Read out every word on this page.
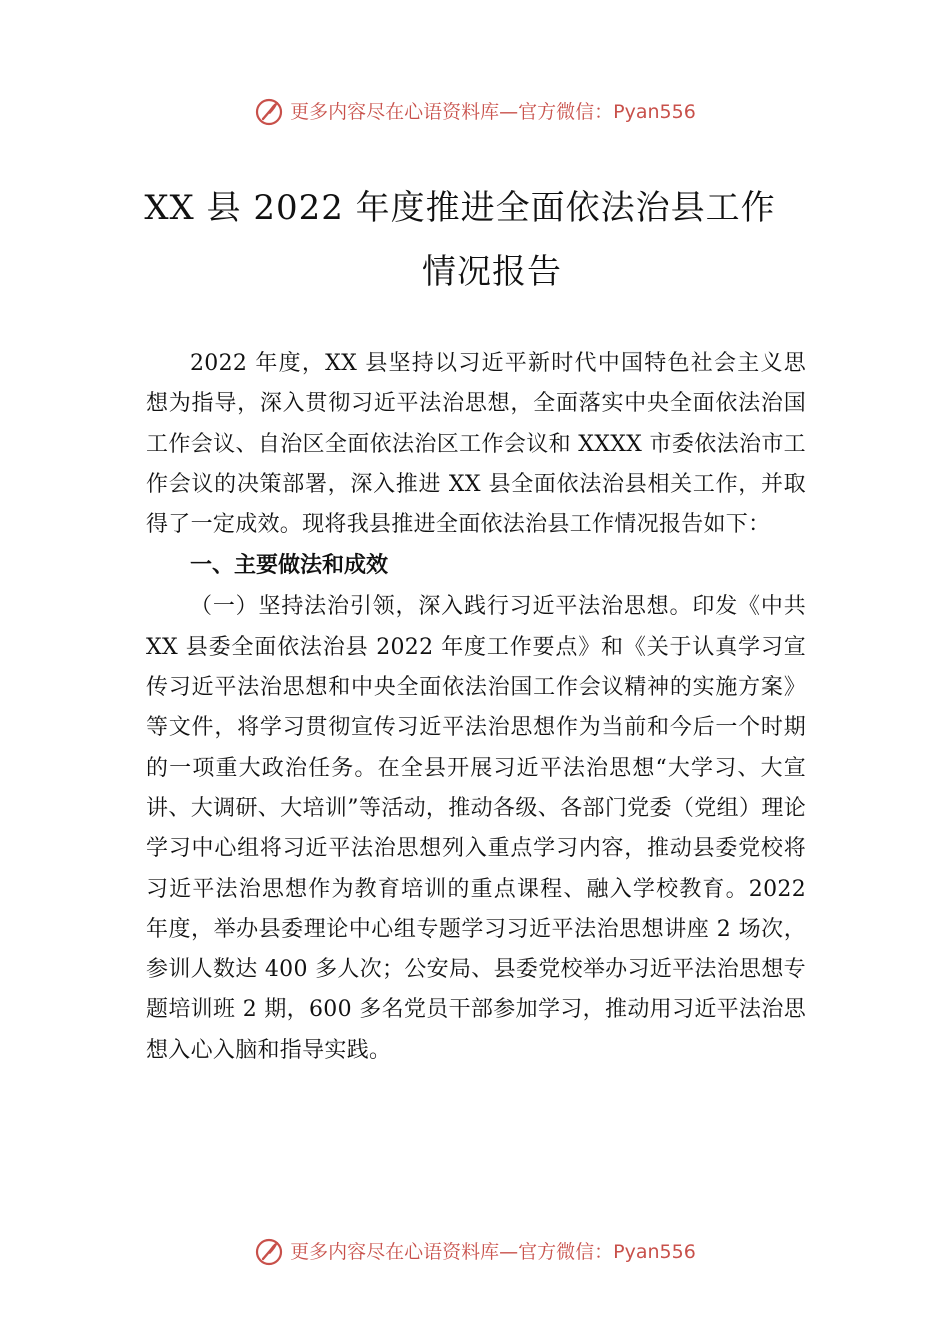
更多内容尽在心语资料库—官方微信：Pyan556
XX 县 2022 年度推进全面依法治县工作
情况报告

2022 年度，XX 县坚持以习近平新时代中国特色社会主义思想为指导，深入贯彻习近平法治思想，全面落实中央全面依法治国工作会议、自治区全面依法治区工作会议和 XXXX 市委依法治市工作会议的决策部署，深入推进 XX 县全面依法治县相关工作，并取得了一定成效。现将我县推进全面依法治县工作情况报告如下：

一、主要做法和成效

（一）坚持法治引领，深入践行习近平法治思想。印发《中共 XX 县委全面依法治县 2022 年度工作要点》和《关于认真学习宣传习近平法治思想和中央全面依法治国工作会议精神的实施方案》等文件，将学习贯彻宣传习近平法治思想作为当前和今后一个时期的一项重大政治任务。在全县开展习近平法治思想“大学习、大宣讲、大调研、大培训”等活动，推动各级、各部门党委（党组）理论学习中心组将习近平法治思想列入重点学习内容，推动县委党校将习近平法治思想作为教育培训的重点课程、融入学校教育。2022 年度，举办县委理论中心组专题学习习近平法治思想讲座 2 场次，参训人数达 400 多人次；公安局、县委党校举办习近平法治思想专题培训班 2 期，600 多名党员干部参加学习，推动用习近平法治思想入心入脑和指导实践。

更多内容尽在心语资料库—官方微信：Pyan556
